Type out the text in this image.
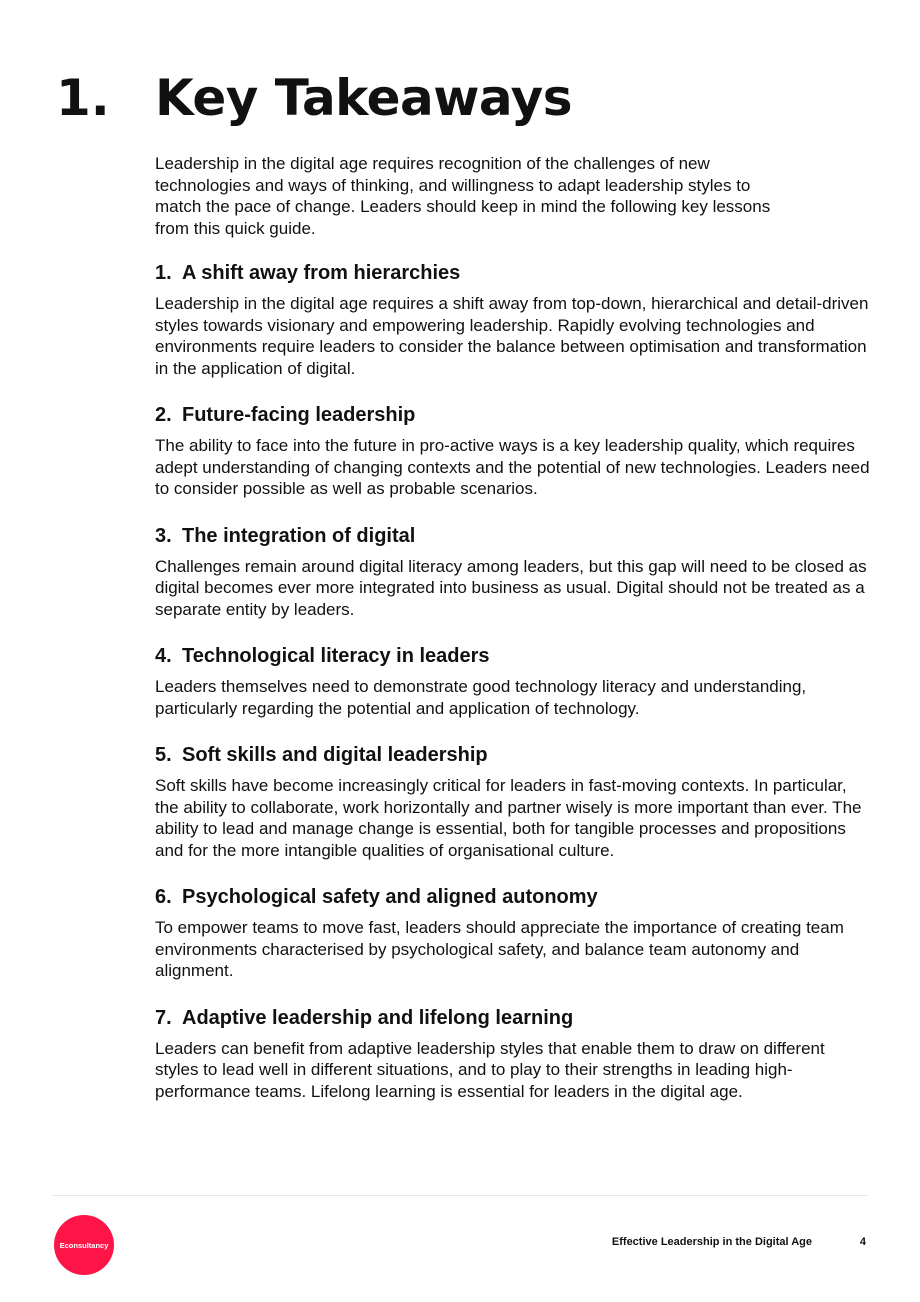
1. Key Takeaways

Leadership in the digital age requires recognition of the challenges of new technologies and ways of thinking, and willingness to adapt leadership styles to match the pace of change. Leaders should keep in mind the following key lessons from this quick guide.

1. A shift away from hierarchies

Leadership in the digital age requires a shift away from top-down, hierarchical and detail-driven styles towards visionary and empowering leadership. Rapidly evolving technologies and environments require leaders to consider the balance between optimisation and transformation in the application of digital.

2. Future-facing leadership

The ability to face into the future in pro-active ways is a key leadership quality, which requires adept understanding of changing contexts and the potential of new technologies. Leaders need to consider possible as well as probable scenarios.

3. The integration of digital

Challenges remain around digital literacy among leaders, but this gap will need to be closed as digital becomes ever more integrated into business as usual. Digital should not be treated as a separate entity by leaders.

4. Technological literacy in leaders

Leaders themselves need to demonstrate good technology literacy and understanding, particularly regarding the potential and application of technology.

5. Soft skills and digital leadership

Soft skills have become increasingly critical for leaders in fast-moving contexts. In particular, the ability to collaborate, work horizontally and partner wisely is more important than ever. The ability to lead and manage change is essential, both for tangible processes and propositions and for the more intangible qualities of organisational culture.

6. Psychological safety and aligned autonomy

To empower teams to move fast, leaders should appreciate the importance of creating team environments characterised by psychological safety, and balance team autonomy and alignment.

7. Adaptive leadership and lifelong learning

Leaders can benefit from adaptive leadership styles that enable them to draw on different styles to lead well in different situations, and to play to their strengths in leading high-performance teams. Lifelong learning is essential for leaders in the digital age.

Econsultancy	Effective Leadership in the Digital Age	4
